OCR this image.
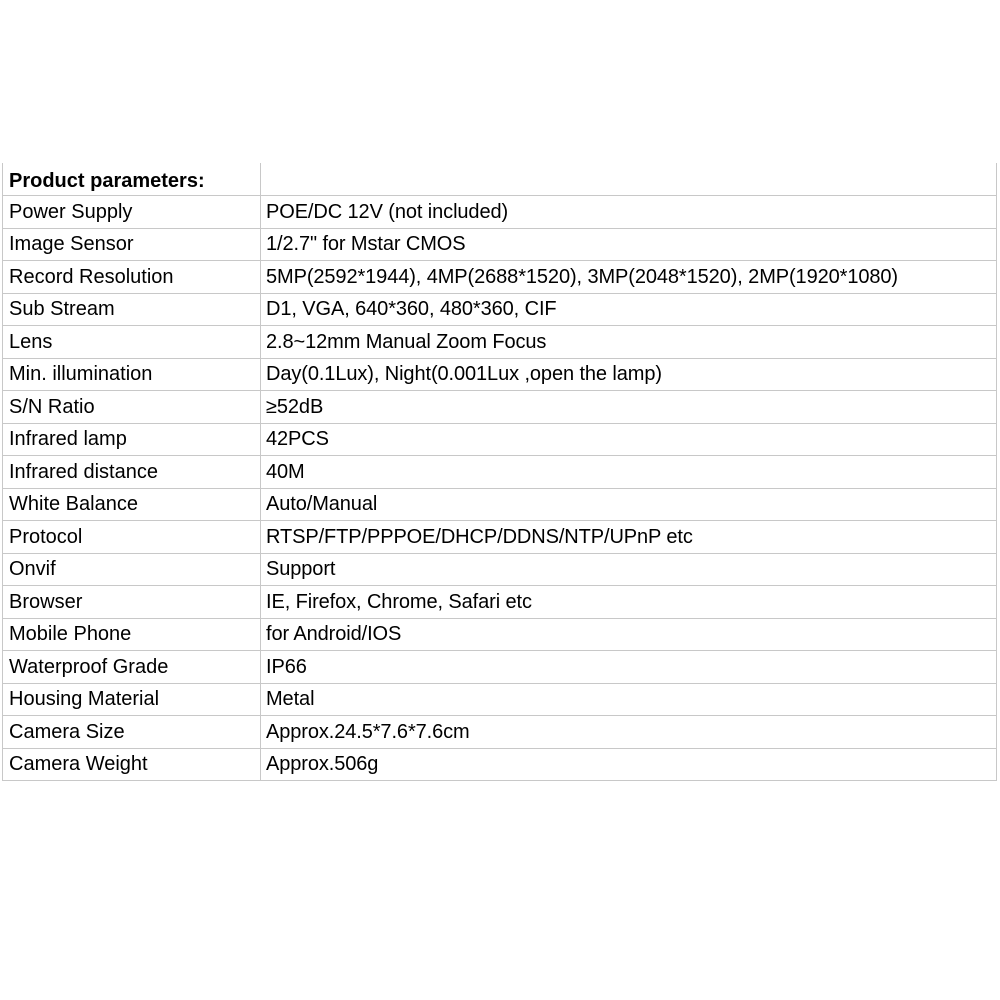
Product parameters:	
Power Supply	POE/DC 12V (not included)
Image Sensor	1/2.7" for Mstar CMOS
Record Resolution	5MP(2592*1944), 4MP(2688*1520), 3MP(2048*1520), 2MP(1920*1080)
Sub Stream	D1, VGA, 640*360, 480*360, CIF
Lens	2.8~12mm Manual Zoom Focus
Min. illumination	Day(0.1Lux), Night(0.001Lux ,open the lamp)
S/N Ratio	≥52dB
Infrared lamp	42PCS
Infrared distance	40M
White Balance	Auto/Manual
Protocol	RTSP/FTP/PPPOE/DHCP/DDNS/NTP/UPnP etc
Onvif	Support
Browser	IE, Firefox, Chrome, Safari etc
Mobile Phone	for Android/IOS
Waterproof Grade	IP66
Housing Material	Metal
Camera Size	Approx.24.5*7.6*7.6cm
Camera Weight	Approx.506g
